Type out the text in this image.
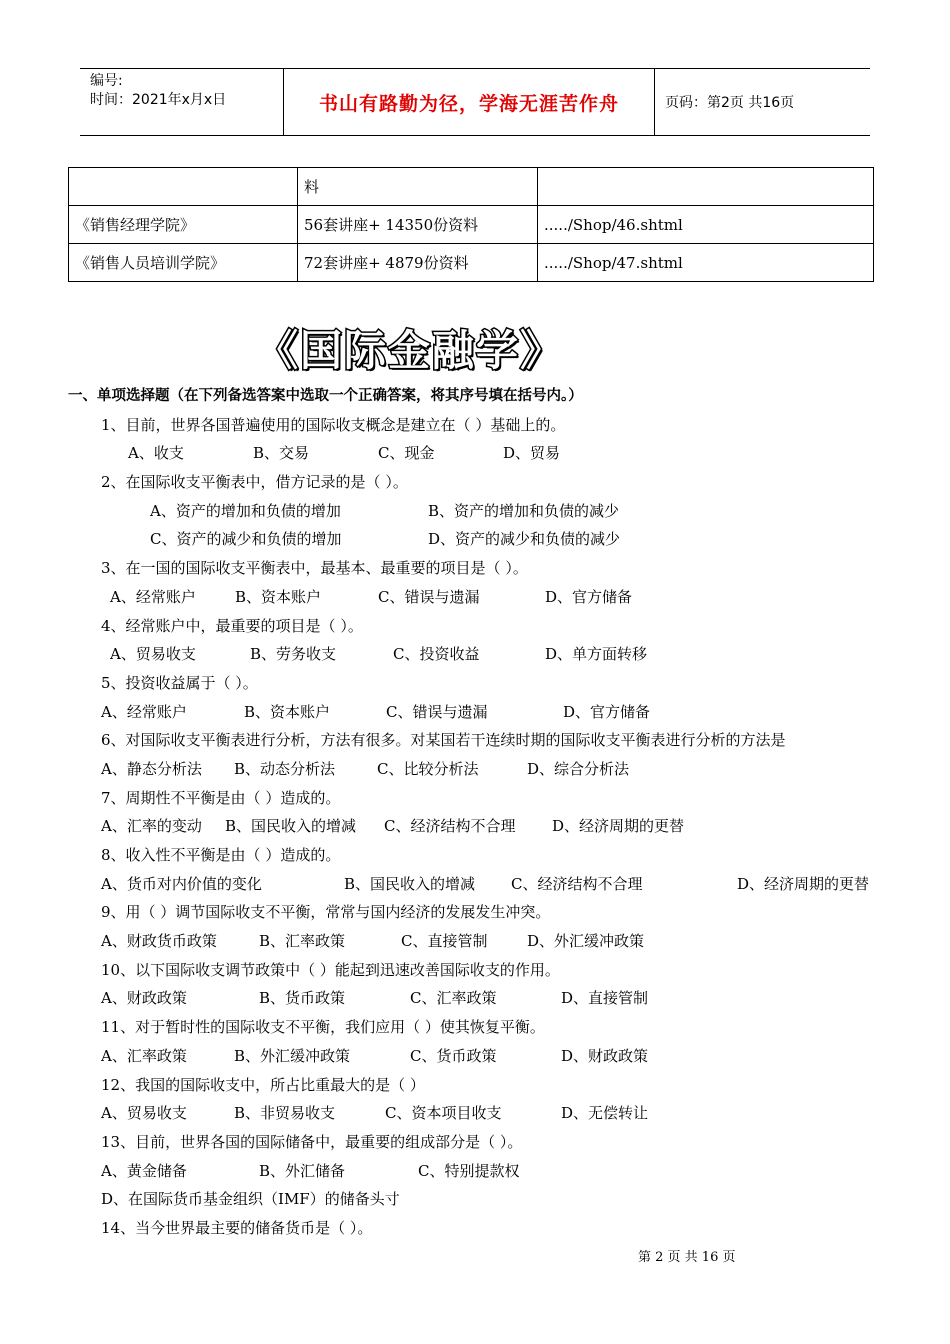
编号:
时间：2021年x月x日	书山有路勤为径，学海无涯苦作舟	页码：第2页 共16页
	料	
《销售经理学院》	56套讲座+ 14350份资料	...../Shop/46.shtml
《销售人员培训学院》	72套讲座+ 4879份资料	...../Shop/47.shtml
《国际金融学》
一、单项选择题（在下列备选答案中选取一个正确答案，将其序号填在括号内。）
1、目前，世界各国普遍使用的国际收支概念是建立在（ ）基础上的。
A、收支	B、交易	C、现金	D、贸易
2、在国际收支平衡表中，借方记录的是（ ）。
A、资产的增加和负债的增加	B、资产的增加和负债的减少
C、资产的减少和负债的增加	D、资产的减少和负债的减少
3、在一国的国际收支平衡表中，最基本、最重要的项目是（ ）。
A、经常账户	B、资本账户	C、错误与遗漏	D、官方储备
4、经常账户中，最重要的项目是（ ）。
A、贸易收支	B、劳务收支	C、投资收益	D、单方面转移
5、投资收益属于（ ）。
A、经常账户	B、资本账户	C、错误与遗漏	D、官方储备
6、对国际收支平衡表进行分析，方法有很多。对某国若干连续时期的国际收支平衡表进行分析的方法是
A、静态分析法 B、动态分析法	C、比较分析法	D、综合分析法
7、周期性不平衡是由（ ）造成的。
A、汇率的变动 B、国民收入的增减 C、经济结构不合理 D、经济周期的更替
8、收入性不平衡是由（ ）造成的。
A、货币对内价值的变化	B、国民收入的增减 C、经济结构不合理	D、经济周期的更替
9、用（ ）调节国际收支不平衡，常常与国内经济的发展发生冲突。
A、财政货币政策	B、汇率政策	C、直接管制	D、外汇缓冲政策
10、以下国际收支调节政策中（ ）能起到迅速改善国际收支的作用。
A、财政政策	B、货币政策	C、汇率政策	D、直接管制
11、对于暂时性的国际收支不平衡，我们应用（ ）使其恢复平衡。
A、汇率政策	B、外汇缓冲政策	C、货币政策	D、财政政策
12、我国的国际收支中，所占比重最大的是（ ）
A、贸易收支	B、非贸易收支	C、资本项目收支	D、无偿转让
13、目前，世界各国的国际储备中，最重要的组成部分是（ ）。
A、黄金储备	B、外汇储备	C、特别提款权
D、在国际货币基金组织（IMF）的储备头寸
14、当今世界最主要的储备货币是（ ）。
第 2 页 共 16 页
